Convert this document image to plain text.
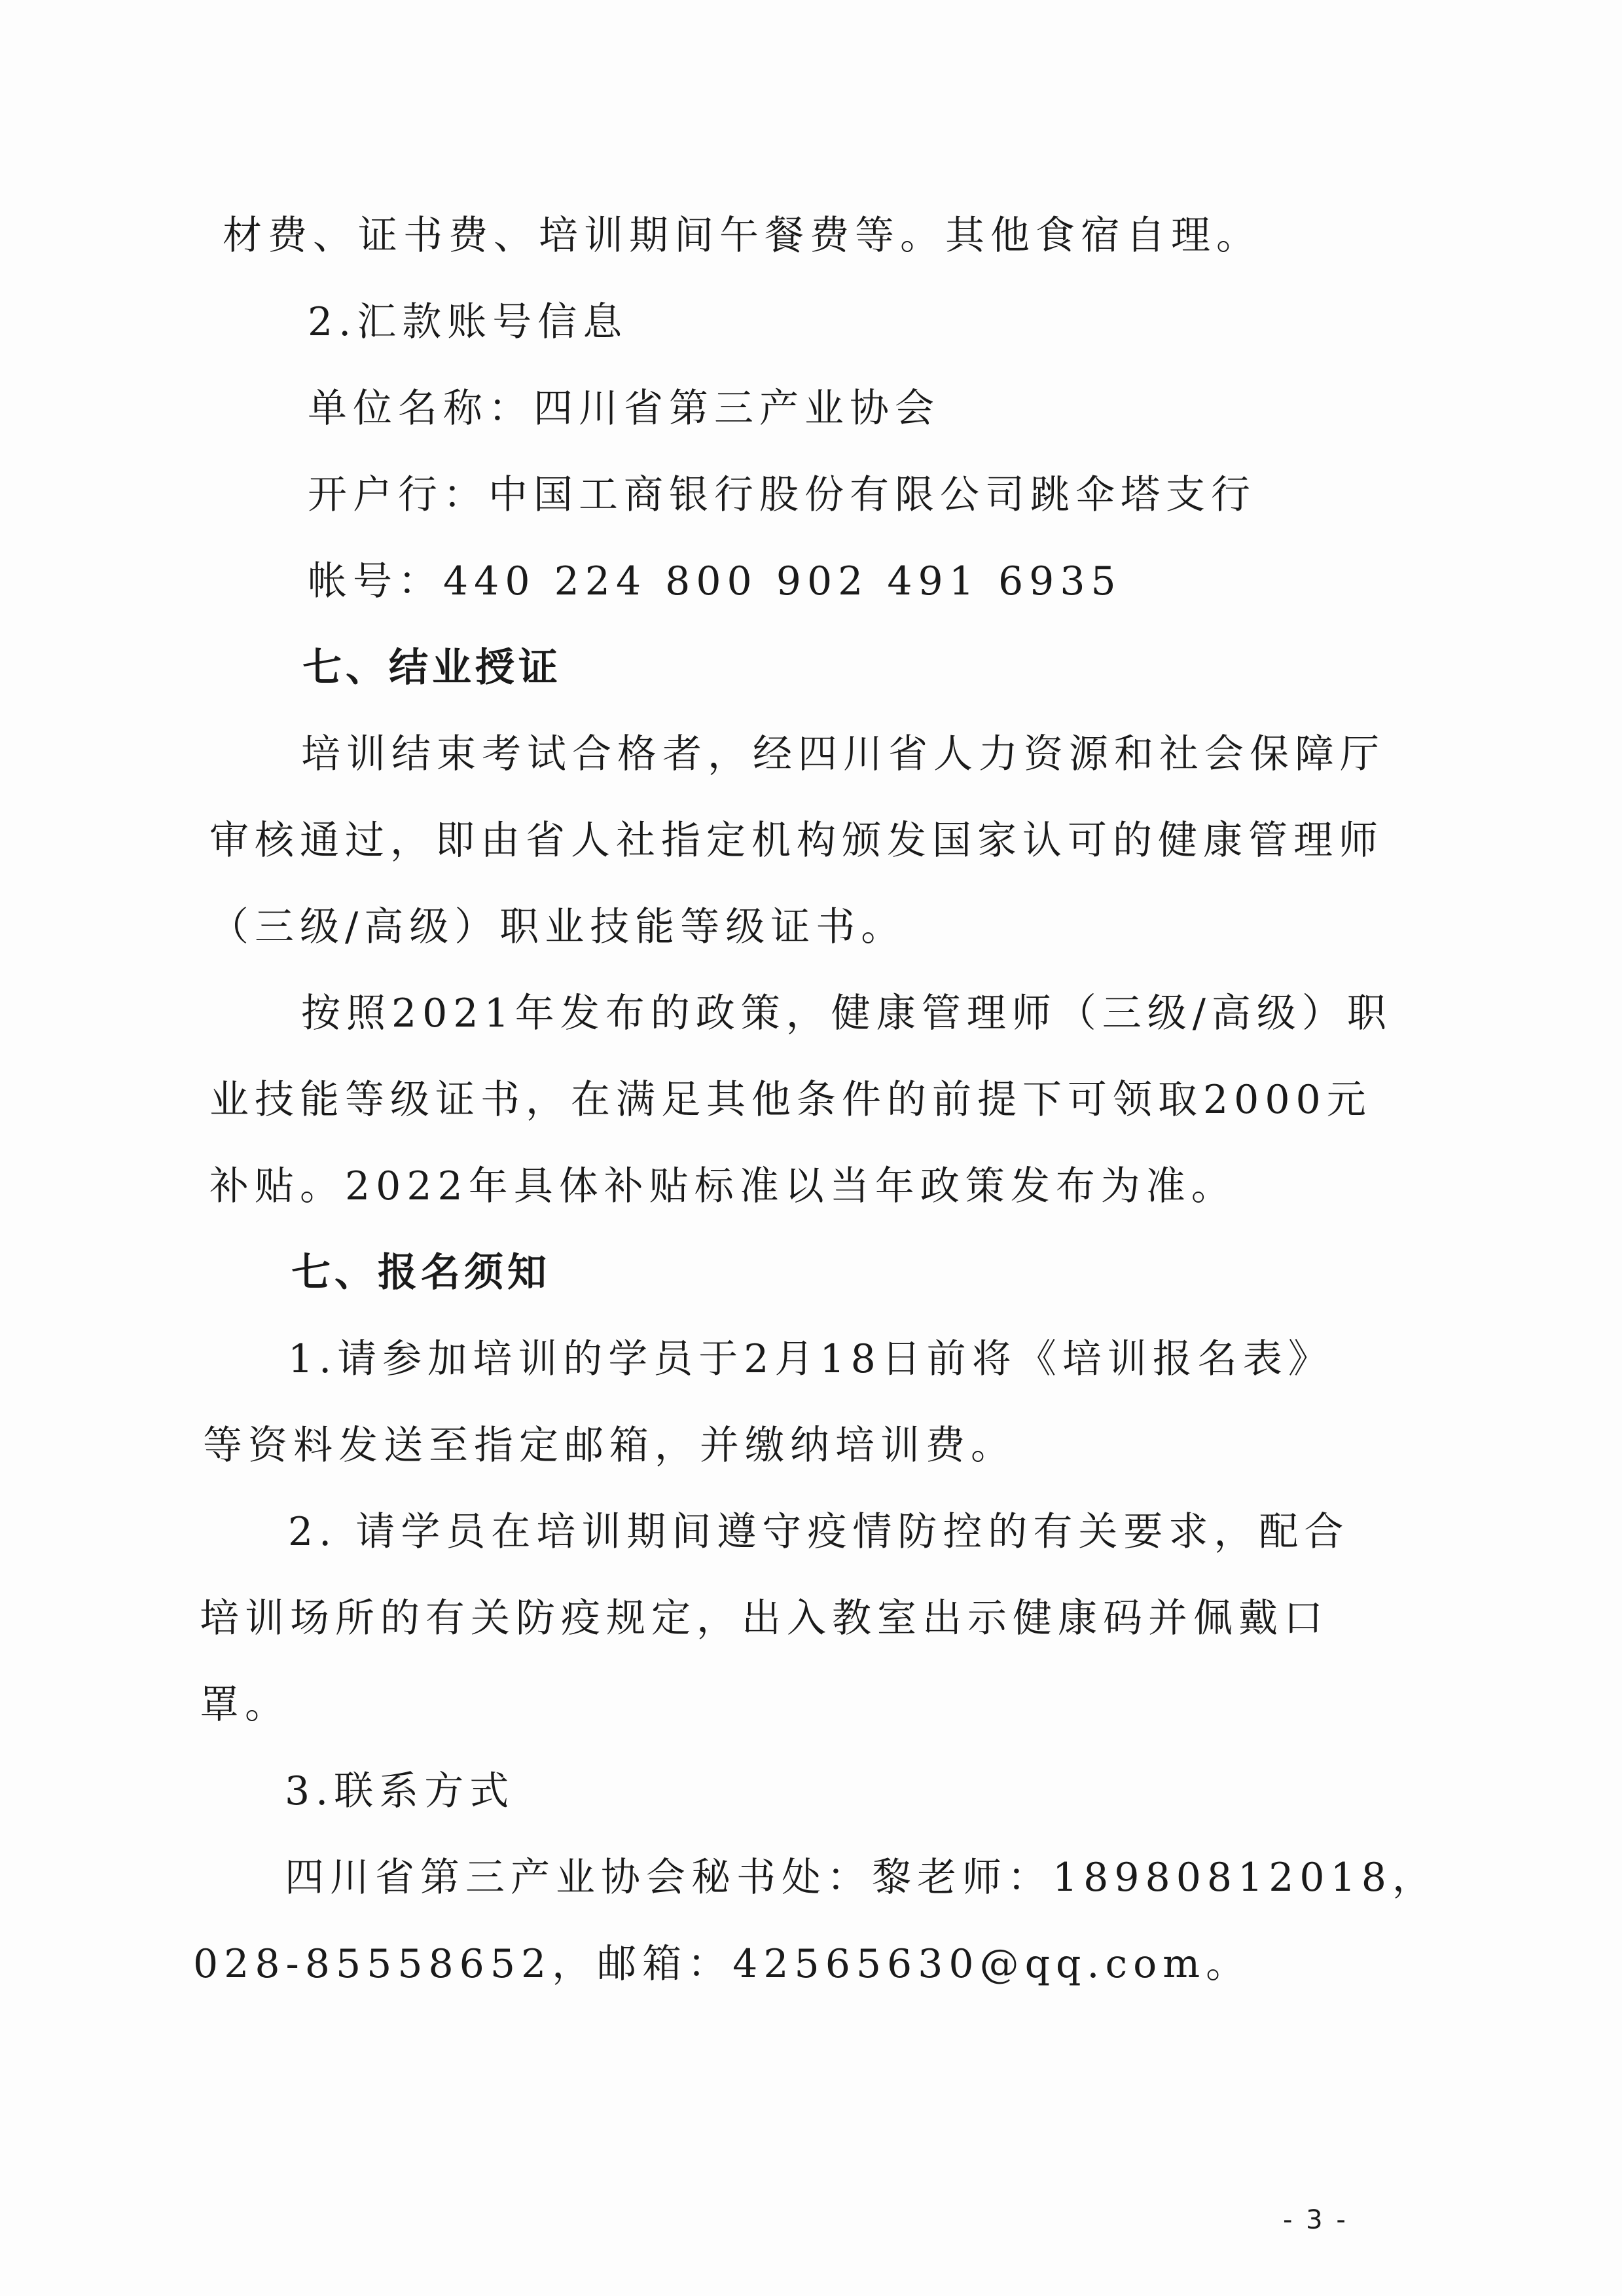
材费、证书费、培训期间午餐费等。其他食宿自理。
2.汇款账号信息
单位名称：四川省第三产业协会
开户行：中国工商银行股份有限公司跳伞塔支行
帐号：440 224 800 902 491 6935
七、结业授证
培训结束考试合格者，经四川省人力资源和社会保障厅
审核通过，即由省人社指定机构颁发国家认可的健康管理师
（三级/高级）职业技能等级证书。
按照2021年发布的政策，健康管理师（三级/高级）职
业技能等级证书，在满足其他条件的前提下可领取2000元
补贴。2022年具体补贴标准以当年政策发布为准。
七、报名须知
1.请参加培训的学员于2月18日前将《培训报名表》
等资料发送至指定邮箱，并缴纳培训费。
2. 请学员在培训期间遵守疫情防控的有关要求，配合
培训场所的有关防疫规定，出入教室出示健康码并佩戴口
罩。
3.联系方式
四川省第三产业协会秘书处：黎老师：18980812018，
028-85558652，邮箱：42565630@qq.com。
- 3 -
